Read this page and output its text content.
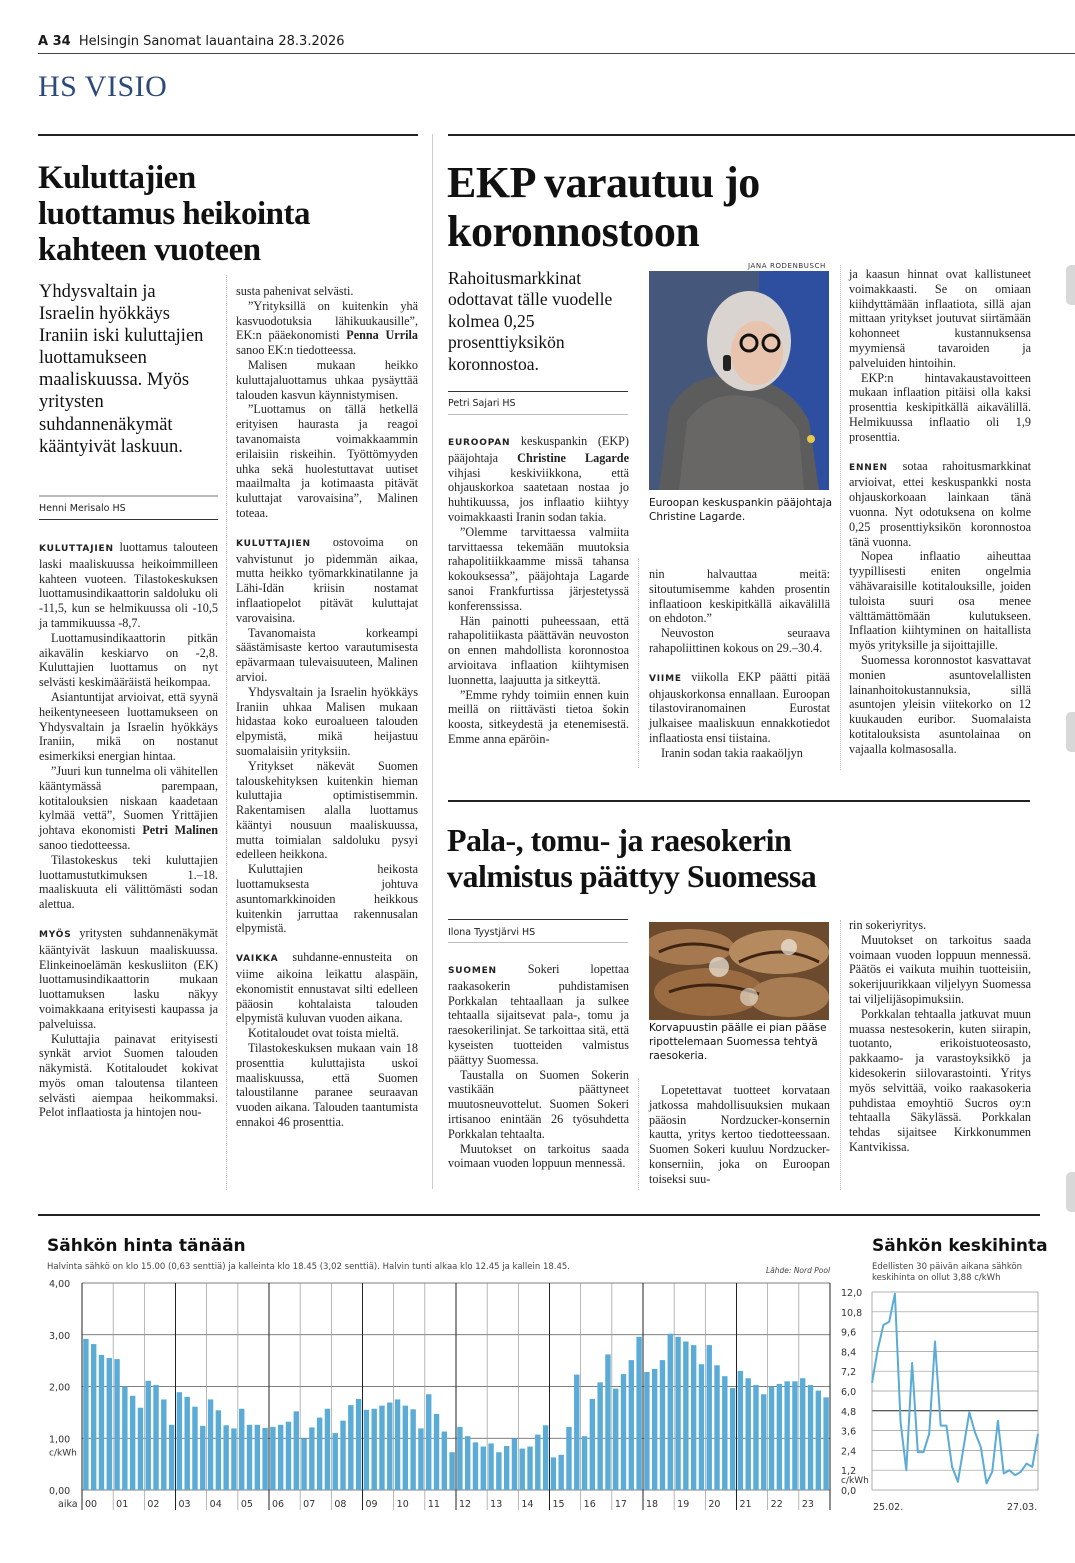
A 34 Helsingin Sanomat lauantaina 28.3.2026
HS VISIO
Kuluttajien
luottamus heikointa
kahteen vuoteen
Yhdysvaltain ja Israelin hyökkäys Iraniin iski kuluttajien luottamukseen maaliskuussa. Myös yritysten suhdannenäkymät kääntyivät laskuun.
Henni Merisalo HS

KULUTTAJIEN luottamus talouteen laski maaliskuussa heikoimmilleen kahteen vuoteen. Tilastokeskuksen luottamusindikaattorin saldoluku oli -11,5, kun se helmikuussa oli -10,5 ja tammikuussa -8,7.

Luottamusindikaattorin pitkän aikavälin keskiarvo on -2,8. Kuluttajien luottamus on nyt selvästi keskimääräistä heikompaa.

Asiantuntijat arvioivat, että syynä heikentyneeseen luottamukseen on Yhdysvaltain ja Israelin hyökkäys Iraniin, mikä on nostanut esimerkiksi energian hintaa.

”Juuri kun tunnelma oli vähitellen kääntymässä parempaan, kotitalouksien niskaan kaadetaan kylmää vettä”, Suomen Yrittäjien johtava ekonomisti Petri Malinen sanoo tiedotteessa.

Tilastokeskus teki kuluttajien luottamustutkimuksen 1.–18. maaliskuuta eli välittömästi sodan alettua.

MYÖS yritysten suhdannenäkymät kääntyivät laskuun maaliskuussa. Elinkeinoelämän keskusliiton (EK) luottamusindikaattorin mukaan luottamuksen lasku näkyy voimakkaana erityisesti kaupassa ja palveluissa.

Kuluttajia painavat erityisesti synkät arviot Suomen talouden näkymistä. Kotitaloudet kokivat myös oman taloutensa tilanteen selvästi aiempaa heikommaksi. Pelot inflaatiosta ja hintojen nou-

susta pahenivat selvästi.

”Yrityksillä on kuitenkin yhä kasvuodotuksia lähikuukausille”, EK:n pääekonomisti Penna Urrila sanoo EK:n tiedotteessa.

Malisen mukaan heikko kuluttajaluottamus uhkaa pysäyttää talouden kasvun käynnistymisen.

”Luottamus on tällä hetkellä erityisen haurasta ja reagoi tavanomaista voimakkaammin erilaisiin riskeihin. Työttömyyden uhka sekä huolestuttavat uutiset maailmalta ja kotimaasta pitävät kuluttajat varovaisina”, Malinen toteaa.

KULUTTAJIEN ostovoima on vahvistunut jo pidemmän aikaa, mutta heikko työmarkkinatilanne ja Lähi-Idän kriisin nostamat inflaatiopelot pitävät kuluttajat varovaisina.

Tavanomaista korkeampi säästämisaste kertoo varautumisesta epävarmaan tulevaisuuteen, Malinen arvioi.

Yhdysvaltain ja Israelin hyökkäys Iraniin uhkaa Malisen mukaan hidastaa koko euroalueen talouden elpymistä, mikä heijastuu suomalaisiin yrityksiin.

Yritykset näkevät Suomen talouskehityksen kuitenkin hieman kuluttajia optimistisemmin. Rakentamisen alalla luottamus kääntyi nousuun maaliskuussa, mutta toimialan saldoluku pysyi edelleen heikkona.

Kuluttajien heikosta luottamuksesta johtuva asuntomarkkinoiden heikkous kuitenkin jarruttaa rakennusalan elpymistä.

VAIKKA suhdanne-ennusteita on viime aikoina leikattu alaspäin, ekonomistit ennustavat silti edelleen pääosin kohtalaista talouden elpymistä kuluvan vuoden aikana.

Kotitaloudet ovat toista mieltä.

Tilastokeskuksen mukaan vain 18 prosenttia kuluttajista uskoi maaliskuussa, että Suomen taloustilanne paranee seuraavan vuoden aikana. Talouden taantumista ennakoi 46 prosenttia.

EKP varautuu jo
koronnostoon
Rahoitusmarkkinat odottavat tälle vuodelle kolmea 0,25 prosenttiyksikön koronnostoa.
Petri Sajari HS
JANA RODENBUSCH
Euroopan keskuspankin pääjohtaja Christine Lagarde.

EUROOPAN keskuspankin (EKP) pääjohtaja Christine Lagarde vihjasi keskiviikkona, että ohjauskorkoa saatetaan nostaa jo huhtikuussa, jos inflaatio kiihtyy voimakkaasti Iranin sodan takia.

”Olemme tarvittaessa valmiita tarvittaessa tekemään muutoksia rahapolitiikkaamme missä tahansa kokouksessa”, pääjohtaja Lagarde sanoi Frankfurtissa järjestetyssä konferenssissa.

Hän painotti puheessaan, että rahapolitiikasta päättävän neuvoston on ennen mahdollista koronnostoa arvioitava inflaation kiihtymisen luonnetta, laajuutta ja sitkeyttä.

”Emme ryhdy toimiin ennen kuin meillä on riittävästi tietoa šokin koosta, sitkeydestä ja etenemisestä. Emme anna epäröin-

nin halvauttaa meitä: sitoutumisemme kahden prosentin inflaatioon keskipitkällä aikavälillä on ehdoton.”

Neuvoston seuraava rahapoliittinen kokous on 29.–30.4.

VIIME viikolla EKP päätti pitää ohjauskorkonsa ennallaan. Euroopan tilastoviranomainen Eurostat julkaisee maaliskuun ennakkotiedot inflaatiosta ensi tiistaina.

Iranin sodan takia raakaöljyn

ja kaasun hinnat ovat kallistuneet voimakkaasti. Se on omiaan kiihdyttämään inflaatiota, sillä ajan mittaan yritykset joutuvat siirtämään kohonneet kustannuksensa myymiensä tavaroiden ja palveluiden hintoihin.

EKP:n hintavakaustavoitteen mukaan inflaation pitäisi olla kaksi prosenttia keskipitkällä aikavälillä. Helmikuussa inflaatio oli 1,9 prosenttia.

ENNEN sotaa rahoitusmarkkinat arvioivat, ettei keskuspankki nosta ohjauskorkoaan lainkaan tänä vuonna. Nyt odotuksena on kolme 0,25 prosenttiyksikön koronnostoa tänä vuonna.

Nopea inflaatio aiheuttaa tyypillisesti eniten ongelmia vähävaraisille kotitalouksille, joiden tuloista suuri osa menee välttämättömään kulutukseen. Inflaation kiihtyminen on haitallista myös yrityksille ja sijoittajille.

Suomessa koronnostot kasvattavat monien asuntovelallisten lainanhoitokustannuksia, sillä asuntojen yleisin viitekorko on 12 kuukauden euribor. Suomalaista kotitalouksista asuntolainaa on vajaalla kolmasosalla.

Pala-, tomu- ja raesokerin
valmistus päättyy Suomessa
Ilona Tyystjärvi HS
Korvapuustin päälle ei pian pääse ripottelemaan Suomessa tehtyä raesokeria.

SUOMEN Sokeri lopettaa raakasokerin puhdistamisen Porkkalan tehtaallaan ja sulkee tehtaalla sijaitsevat pala-, tomu ja raesokerilinjat. Se tarkoittaa sitä, että kyseisten tuotteiden valmistus päättyy Suomessa.

Taustalla on Suomen Sokerin vastikään päättyneet muutosneuvottelut. Suomen Sokeri irtisanoo enintään 26 työsuhdetta Porkkalan tehtaalta.

Muutokset on tarkoitus saada voimaan vuoden loppuun mennessä.

Lopetettavat tuotteet korvataan jatkossa mahdollisuuksien mukaan pääosin Nordzucker-konsernin kautta, yritys kertoo tiedotteessaan. Suomen Sokeri kuuluu Nordzucker-konserniin, joka on Euroopan toiseksi suu-

rin sokeriyritys.

Muutokset on tarkoitus saada voimaan vuoden loppuun mennessä. Päätös ei vaikuta muihin tuotteisiin, sokerijuurikkaan viljelyyn Suomessa tai viljelijäsopimuksiin.

Porkkalan tehtaalla jatkuvat muun muassa nestesokerin, kuten siirapin, tuotanto, erikoistuoteosasto, pakkaamo- ja varastoyksikkö ja kidesokerin siilovarastointi. Yritys myös selvittää, voiko raakasokeria puhdistaa emoyhtiö Sucros oy:n tehtaalla Säkylässä. Porkkalan tehdas sijaitsee Kirkkonummen Kantvikissa.

Sähkön hinta tänään
Halvinta sähkö on klo 15.00 (0,63 senttiä) ja kalleinta klo 18.45 (3,02 senttiä). Halvin tunti alkaa klo 12.45 ja kallein 18.45.	Lähde: Nord Pool
0,00
1,00
2,00
3,00
4,00
c/kWh
aika 00 01 02 03 04 05 06 07 08 09 10 11 12 13 14 15 16 17 18 19 20 21 22 23
Sähkön keskihinta
Edellisten 30 päivän aikana sähkön keskihinta on ollut 3,88 c/kWh
0,0
1,2
2,4
3,6
4,8
6,0
7,2
8,4
9,6
10,8
12,0
c/kWh
25.02.	27.03.
